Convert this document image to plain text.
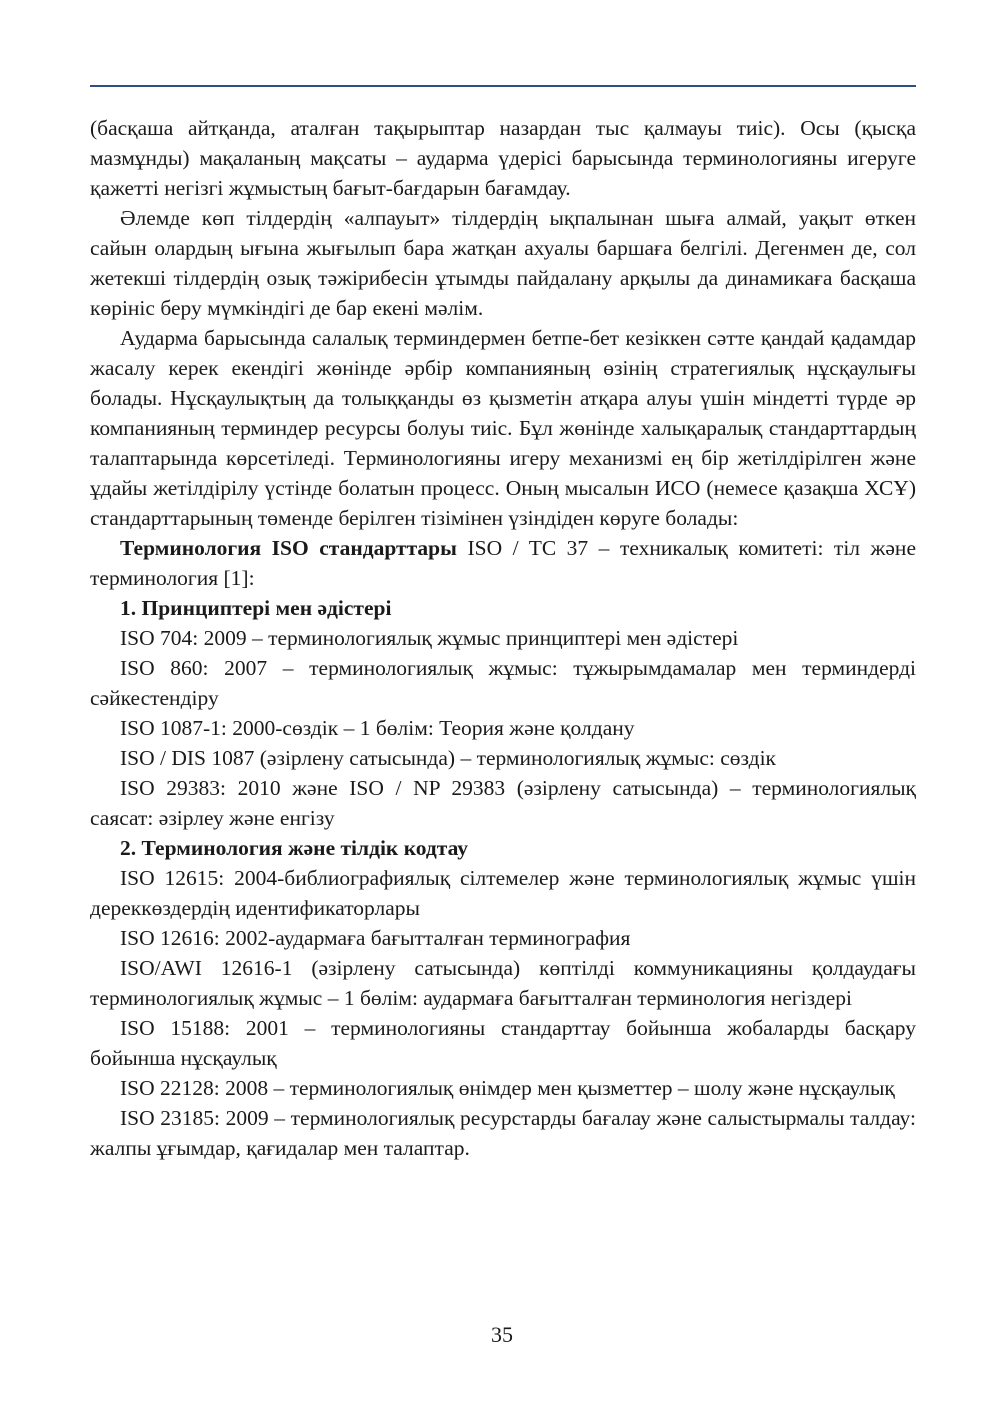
(басқаша айтқанда, аталған тақырыптар назардан тыс қалмауы тиіс). Осы (қысқа мазмұнды) мақаланың мақсаты – аударма үдерісі барысында терминологияны игеруге қажетті негізгі жұмыстың бағыт-бағдарын бағамдау.

Әлемде көп тілдердің «алпауыт» тілдердің ықпалынан шыға алмай, уақыт өткен сайын олардың ығына жығылып бара жатқан ахуалы баршаға белгілі. Дегенмен де, сол жетекші тілдердің озық тәжірибесін ұтымды пайдалану арқылы да динамикаға басқаша көрініс беру мүмкіндігі де бар екені мәлім.

Аударма барысында салалық терминдермен бетпе-бет кезіккен сәтте қандай қадамдар жасалу керек екендігі жөнінде әрбір компанияның өзінің стратегиялық нұсқаулығы болады. Нұсқаулықтың да толыққанды өз қызметін атқара алуы үшін міндетті түрде әр компанияның терминдер ресурсы болуы тиіс. Бұл жөнінде халықаралық стандарттардың талаптарында көрсетіледі. Терминологияны игеру механизмі ең бір жетілдірілген және ұдайы жетілдірілу үстінде болатын процесс. Оның мысалын ИСО (немесе қазақша ХСҰ) стандарттарының төменде берілген тізімінен үзіндіден көруге болады:

Терминология ISO стандарттары ISO / TC 37 – техникалық комитеті: тіл және терминология [1]:

1. Принциптері мен әдістері

ISO 704: 2009 – терминологиялық жұмыс принциптері мен әдістері

ISO 860: 2007 – терминологиялық жұмыс: тұжырымдамалар мен терминдерді сәйкестендіру

ISO 1087-1: 2000-сөздік – 1 бөлім: Теория және қолдану

ISO / DIS 1087 (әзірлену сатысында) – терминологиялық жұмыс: сөздік

ISO 29383: 2010 және ISO / NP 29383 (әзірлену сатысында) – терминологиялық саясат: әзірлеу және енгізу

2. Терминология және тілдік кодтау

ISO 12615: 2004-библиографиялық сілтемелер және терминологиялық жұмыс үшін дереккөздердің идентификаторлары

ISO 12616: 2002-аудармаға бағытталған терминография

ISO/AWI 12616-1 (әзірлену сатысында) көптілді коммуникацияны қолдаудағы терминологиялық жұмыс – 1 бөлім: аудармаға бағытталған терминология негіздері

ISO 15188: 2001 – терминологияны стандарттау бойынша жобаларды басқару бойынша нұсқаулық

ISO 22128: 2008 – терминологиялық өнімдер мен қызметтер – шолу және нұсқаулық

ISO 23185: 2009 – терминологиялық ресурстарды бағалау және салыстырмалы талдау: жалпы ұғымдар, қағидалар мен талаптар.

35
